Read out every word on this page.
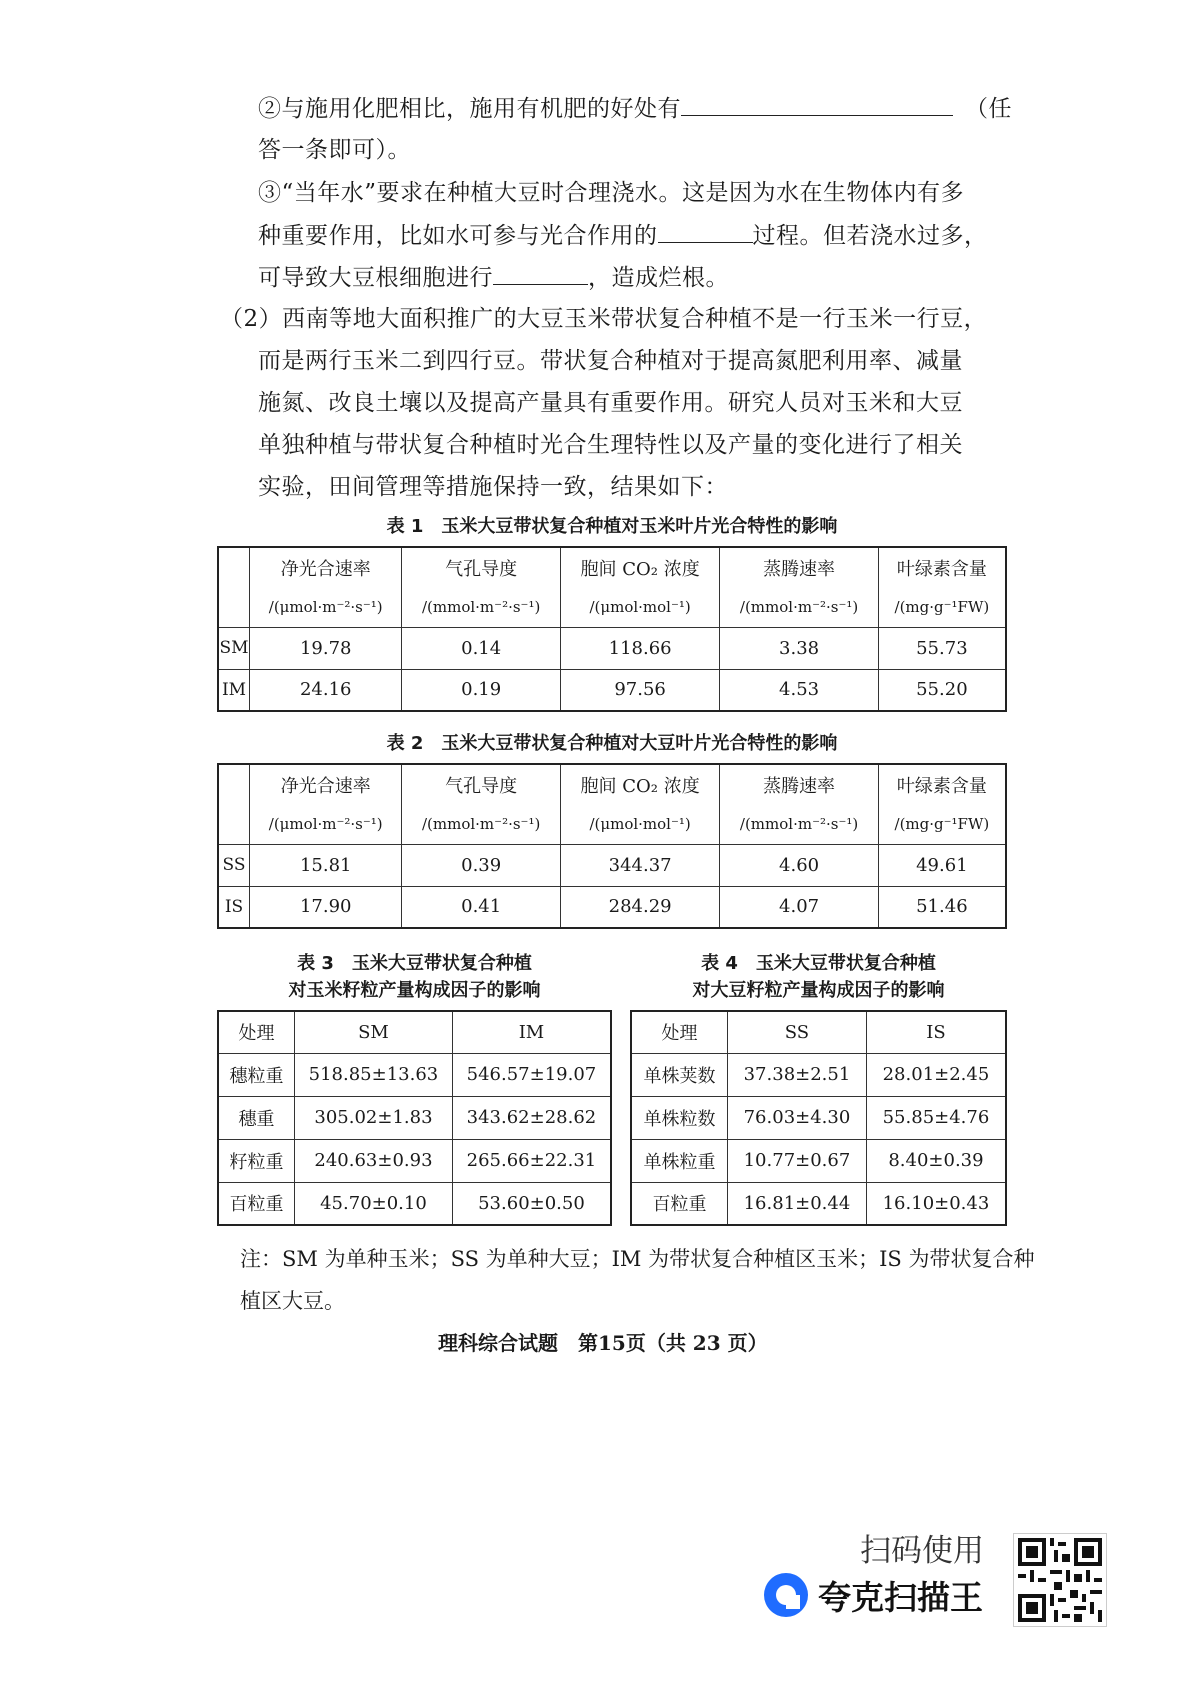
②与施用化肥相比，施用有机肥的好处有	（任
答一条即可）。
③“当年水”要求在种植大豆时合理浇水。这是因为水在生物体内有多
种重要作用，比如水可参与光合作用的	过程。但若浇水过多，
可导致大豆根细胞进行	，造成烂根。
（2）西南等地大面积推广的大豆玉米带状复合种植不是一行玉米一行豆，
而是两行玉米二到四行豆。带状复合种植对于提高氮肥利用率、减量
施氮、改良土壤以及提高产量具有重要作用。研究人员对玉米和大豆
单独种植与带状复合种植时光合生理特性以及产量的变化进行了相关
实验，田间管理等措施保持一致，结果如下：
表 1　玉米大豆带状复合种植对玉米叶片光合特性的影响
	净光合速率	气孔导度	胞间 CO₂ 浓度	蒸腾速率	叶绿素含量
	/(μmol·m⁻²·s⁻¹)	/(mmol·m⁻²·s⁻¹)	/(μmol·mol⁻¹)	/(mmol·m⁻²·s⁻¹)	/(mg·g⁻¹FW)
SM	19.78	0.14	118.66	3.38	55.73
IM	24.16	0.19	97.56	4.53	55.20
表 2　玉米大豆带状复合种植对大豆叶片光合特性的影响
	净光合速率	气孔导度	胞间 CO₂ 浓度	蒸腾速率	叶绿素含量
	/(μmol·m⁻²·s⁻¹)	/(mmol·m⁻²·s⁻¹)	/(μmol·mol⁻¹)	/(mmol·m⁻²·s⁻¹)	/(mg·g⁻¹FW)
SS	15.81	0.39	344.37	4.60	49.61
IS	17.90	0.41	284.29	4.07	51.46
表 3　玉米大豆带状复合种植
对玉米籽粒产量构成因子的影响
处理	SM	IM
穗粒重	518.85±13.63	546.57±19.07
穗重	305.02±1.83	343.62±28.62
籽粒重	240.63±0.93	265.66±22.31
百粒重	45.70±0.10	53.60±0.50
表 4　玉米大豆带状复合种植
对大豆籽粒产量构成因子的影响
处理	SS	IS
单株荚数	37.38±2.51	28.01±2.45
单株粒数	76.03±4.30	55.85±4.76
单株粒重	10.77±0.67	8.40±0.39
百粒重	16.81±0.44	16.10±0.43
注：SM 为单种玉米；SS 为单种大豆；IM 为带状复合种植区玉米；IS 为带状复合种
植区大豆。
理科综合试题　第15页（共 23 页）
扫码使用
夸克扫描王
